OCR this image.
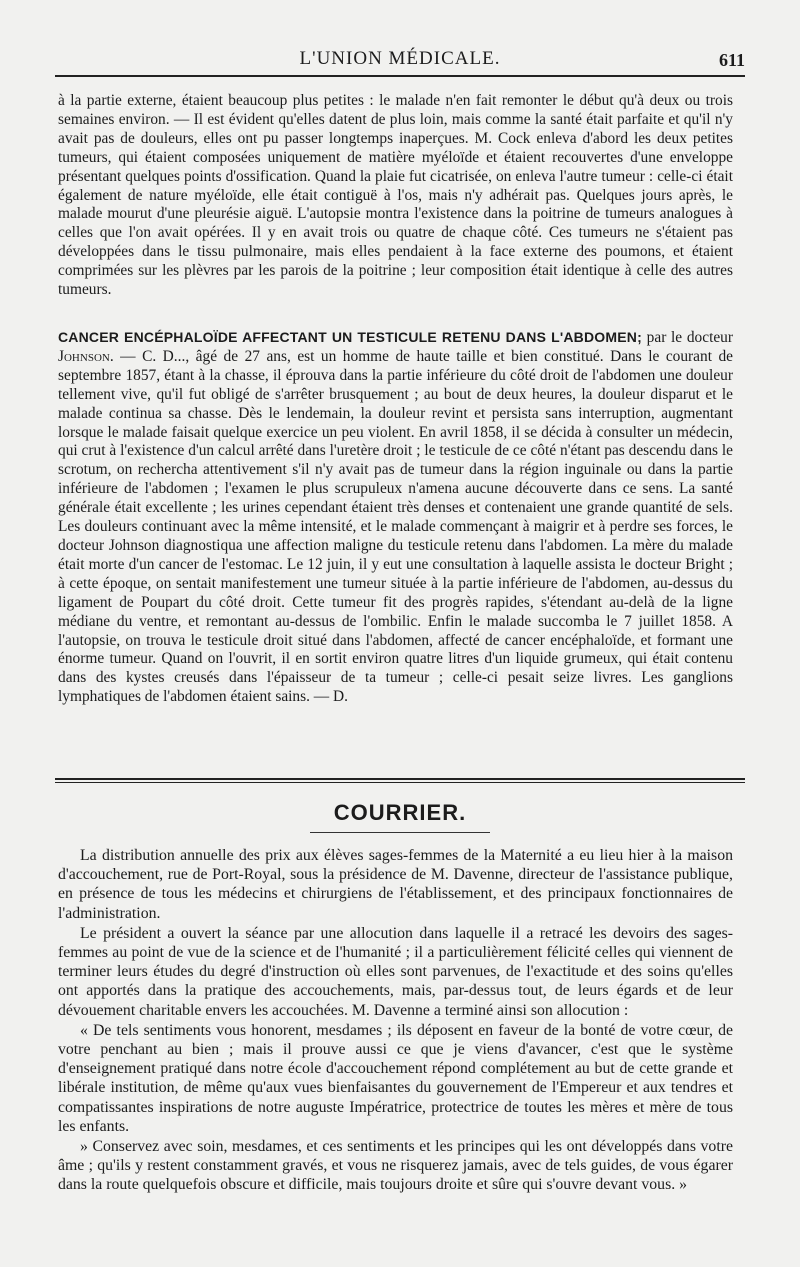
L'UNION MÉDICALE.	611

à la partie externe, étaient beaucoup plus petites : le malade n'en fait remonter le début qu'à deux ou trois semaines environ. — Il est évident qu'elles datent de plus loin, mais comme la santé était parfaite et qu'il n'y avait pas de douleurs, elles ont pu passer longtemps inaperçues. M. Cock enleva d'abord les deux petites tumeurs, qui étaient composées uniquement de matière myéloïde et étaient recouvertes d'une enveloppe présentant quelques points d'ossification. Quand la plaie fut cicatrisée, on enleva l'autre tumeur : celle-ci était également de nature myéloïde, elle était contiguë à l'os, mais n'y adhérait pas. Quelques jours après, le malade mourut d'une pleurésie aiguë. L'autopsie montra l'existence dans la poitrine de tumeurs analogues à celles que l'on avait opérées. Il y en avait trois ou quatre de chaque côté. Ces tumeurs ne s'étaient pas développées dans le tissu pulmonaire, mais elles pendaient à la face externe des poumons, et étaient comprimées sur les plèvres par les parois de la poitrine ; leur composition était identique à celle des autres tumeurs.

CANCER ENCÉPHALOÏDE AFFECTANT UN TESTICULE RETENU DANS L'ABDOMEN; par le docteur Johnson. — C. D..., âgé de 27 ans, est un homme de haute taille et bien constitué. Dans le courant de septembre 1857, étant à la chasse, il éprouva dans la partie inférieure du côté droit de l'abdomen une douleur tellement vive, qu'il fut obligé de s'arrêter brusquement ; au bout de deux heures, la douleur disparut et le malade continua sa chasse. Dès le lendemain, la douleur revint et persista sans interruption, augmentant lorsque le malade faisait quelque exercice un peu violent. En avril 1858, il se décida à consulter un médecin, qui crut à l'existence d'un calcul arrêté dans l'uretère droit ; le testicule de ce côté n'étant pas descendu dans le scrotum, on rechercha attentivement s'il n'y avait pas de tumeur dans la région inguinale ou dans la partie inférieure de l'abdomen ; l'examen le plus scrupuleux n'amena aucune découverte dans ce sens. La santé générale était excellente ; les urines cependant étaient très denses et contenaient une grande quantité de sels. Les douleurs continuant avec la même intensité, et le malade commençant à maigrir et à perdre ses forces, le docteur Johnson diagnostiqua une affection maligne du testicule retenu dans l'abdomen. La mère du malade était morte d'un cancer de l'estomac. Le 12 juin, il y eut une consultation à laquelle assista le docteur Bright ; à cette époque, on sentait manifestement une tumeur située à la partie inférieure de l'abdomen, au-dessus du ligament de Poupart du côté droit. Cette tumeur fit des progrès rapides, s'étendant au-delà de la ligne médiane du ventre, et remontant au-dessus de l'ombilic. Enfin le malade succomba le 7 juillet 1858. A l'autopsie, on trouva le testicule droit situé dans l'abdomen, affecté de cancer encéphaloïde, et formant une énorme tumeur. Quand on l'ouvrit, il en sortit environ quatre litres d'un liquide grumeux, qui était contenu dans des kystes creusés dans l'épaisseur de ta tumeur ; celle-ci pesait seize livres. Les ganglions lymphatiques de l'abdomen étaient sains. — D.

COURRIER.

La distribution annuelle des prix aux élèves sages-femmes de la Maternité a eu lieu hier à la maison d'accouchement, rue de Port-Royal, sous la présidence de M. Davenne, directeur de l'assistance publique, en présence de tous les médecins et chirurgiens de l'établissement, et des principaux fonctionnaires de l'administration.

Le président a ouvert la séance par une allocution dans laquelle il a retracé les devoirs des sages-femmes au point de vue de la science et de l'humanité ; il a particulièrement félicité celles qui viennent de terminer leurs études du degré d'instruction où elles sont parvenues, de l'exactitude et des soins qu'elles ont apportés dans la pratique des accouchements, mais, par-dessus tout, de leurs égards et de leur dévouement charitable envers les accouchées. M. Davenne a terminé ainsi son allocution :

« De tels sentiments vous honorent, mesdames ; ils déposent en faveur de la bonté de votre cœur, de votre penchant au bien ; mais il prouve aussi ce que je viens d'avancer, c'est que le système d'enseignement pratiqué dans notre école d'accouchement répond complétement au but de cette grande et libérale institution, de même qu'aux vues bienfaisantes du gouvernement de l'Empereur et aux tendres et compatissantes inspirations de notre auguste Impératrice, protectrice de toutes les mères et mère de tous les enfants.

» Conservez avec soin, mesdames, et ces sentiments et les principes qui les ont développés dans votre âme ; qu'ils y restent constamment gravés, et vous ne risquerez jamais, avec de tels guides, de vous égarer dans la route quelquefois obscure et difficile, mais toujours droite et sûre qui s'ouvre devant vous. »
